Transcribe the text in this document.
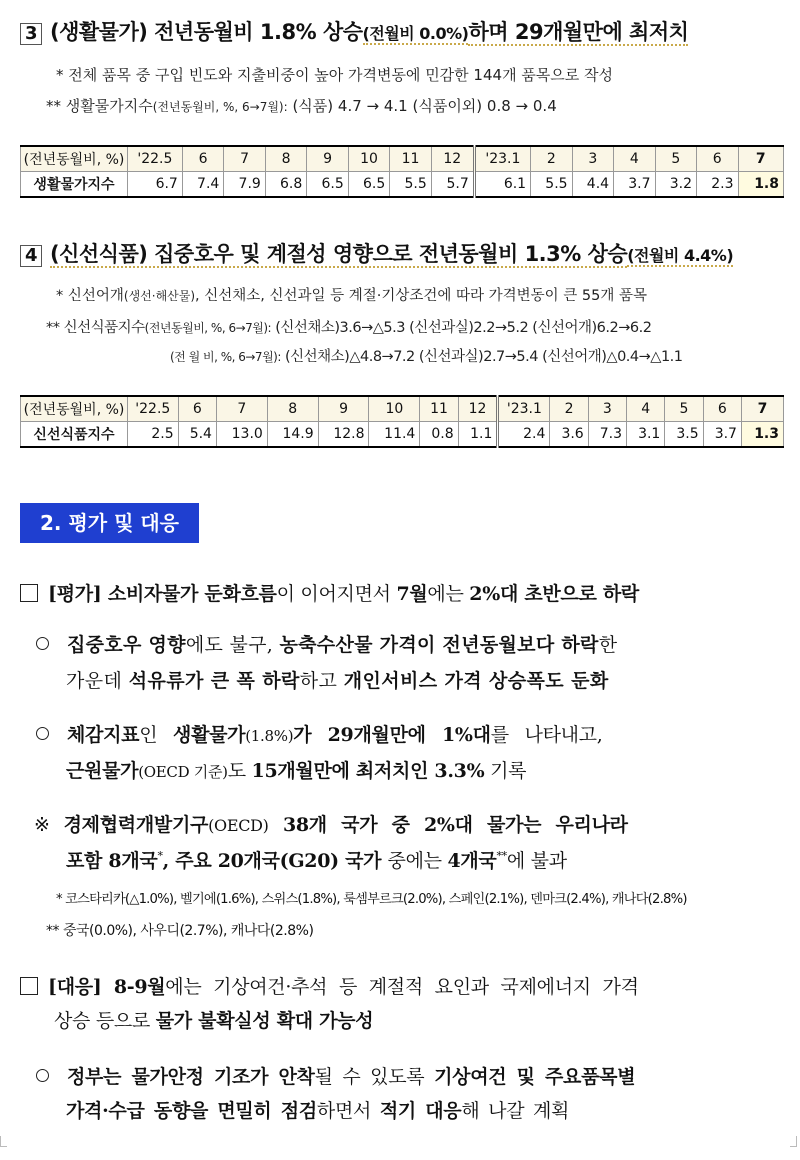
3 (생활물가) 전년동월비 1.8% 상승(전월비 0.0%)하며 29개월만에 최저치
* 전체 품목 중 구입 빈도와 지출비중이 높아 가격변동에 민감한 144개 품목으로 작성
** 생활물가지수(전년동월비, %, 6→7월): (식품) 4.7 → 4.1 (식품이외) 0.8 → 0.4
(전년동월비, %)	'22.5	6	7	8	9	10	11	12	'23.1	2	3	4	5	6	7
생활물가지수	6.7	7.4	7.9	6.8	6.5	6.5	5.5	5.7	6.1	5.5	4.4	3.7	3.2	2.3	1.8
4 (신선식품) 집중호우 및 계절성 영향으로 전년동월비 1.3% 상승(전월비 4.4%)
* 신선어개(생선·해산물), 신선채소, 신선과일 등 계절·기상조건에 따라 가격변동이 큰 55개 품목
** 신선식품지수(전년동월비, %, 6→7월): (신선채소)3.6→△5.3 (신선과실)2.2→5.2 (신선어개)6.2→6.2
(전 월 비, %, 6→7월): (신선채소)△4.8→7.2 (신선과실)2.7→5.4 (신선어개)△0.4→△1.1
(전년동월비, %)	'22.5	6	7	8	9	10	11	12	'23.1	2	3	4	5	6	7
신선식품지수	2.5	5.4	13.0	14.9	12.8	11.4	0.8	1.1	2.4	3.6	7.3	3.1	3.5	3.7	1.3
2. 평가 및 대응
[평가] 소비자물가 둔화흐름이 이어지면서 7월에는 2%대 초반으로 하락
집중호우 영향에도 불구, 농축수산물 가격이 전년동월보다 하락한
가운데 석유류가 큰 폭 하락하고 개인서비스 가격 상승폭도 둔화
체감지표인 생활물가(1.8%)가 29개월만에 1%대를 나타내고,
근원물가(OECD 기준)도 15개월만에 최저치인 3.3% 기록
※ 경제협력개발기구(OECD) 38개 국가 중 2%대 물가는 우리나라
포함 8개국*, 주요 20개국(G20) 국가 중에는 4개국**에 불과
* 코스타리카(△1.0%), 벨기에(1.6%), 스위스(1.8%), 룩셈부르크(2.0%), 스페인(2.1%), 덴마크(2.4%), 캐나다(2.8%)
** 중국(0.0%), 사우디(2.7%), 캐나다(2.8%)
[대응] 8-9월에는 기상여건·추석 등 계절적 요인과 국제에너지 가격
상승 등으로 물가 불확실성 확대 가능성
정부는 물가안정 기조가 안착될 수 있도록 기상여건 및 주요품목별
가격·수급 동향을 면밀히 점검하면서 적기 대응해 나갈 계획
